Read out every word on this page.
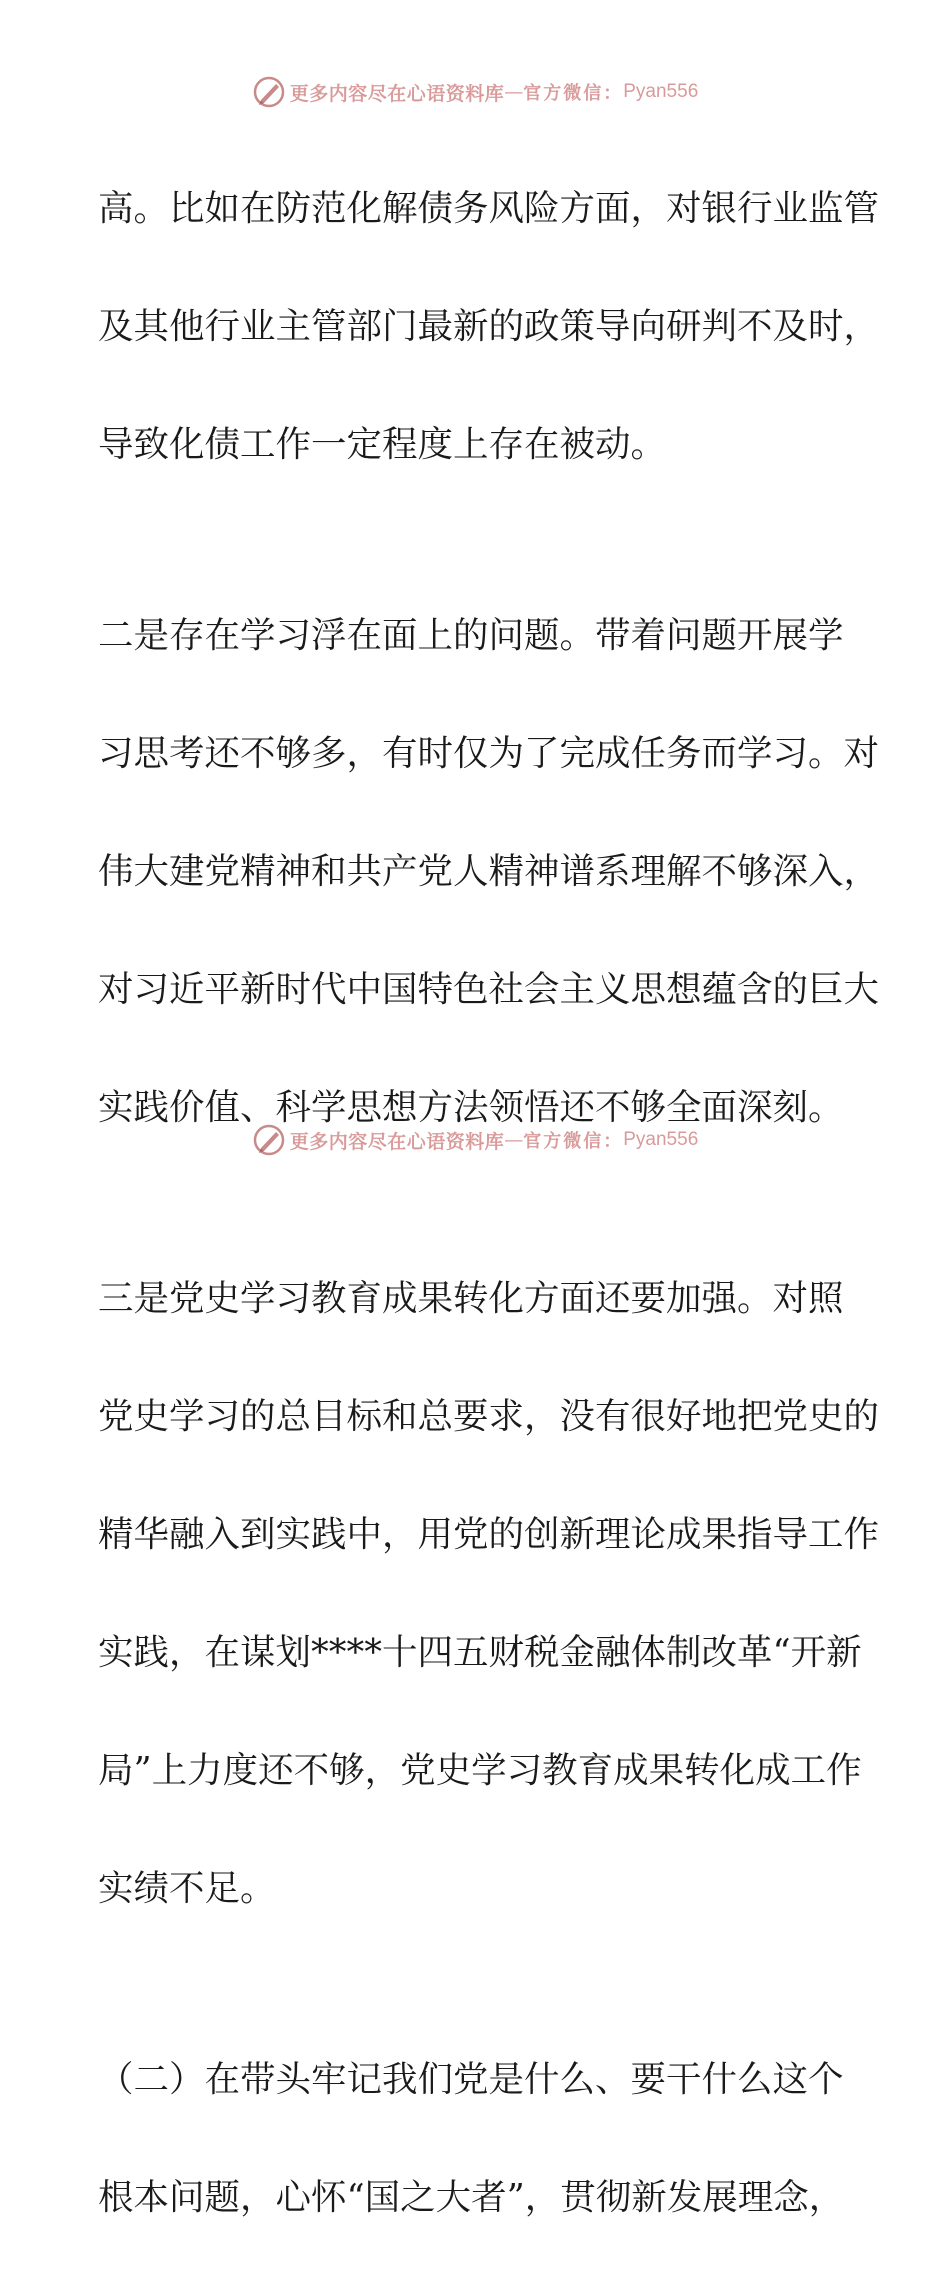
更多内容尽在心语资料库 — 官方微信： Pyan556

高。比如在防范化解债务风险方面，对银行业监管

及其他行业主管部门最新的政策导向研判不及时，

导致化债工作一定程度上存在被动。

二是存在学习浮在面上的问题。带着问题开展学

习思考还不够多，有时仅为了完成任务而学习。对

伟大建党精神和共产党人精神谱系理解不够深入，

对习近平新时代中国特色社会主义思想蕴含的巨大

实践价值、科学思想方法领悟还不够全面深刻。

三是党史学习教育成果转化方面还要加强。对照

党史学习的总目标和总要求，没有很好地把党史的

精华融入到实践中，用党的创新理论成果指导工作

实践，在谋划****十四五财税金融体制改革“开新

局”上力度还不够，党史学习教育成果转化成工作

实绩不足。

（二）在带头牢记我们党是什么、要干什么这个

根本问题，心怀“国之大者”，贯彻新发展理念，

更多内容尽在心语资料库 — 官方微信： Pyan556
